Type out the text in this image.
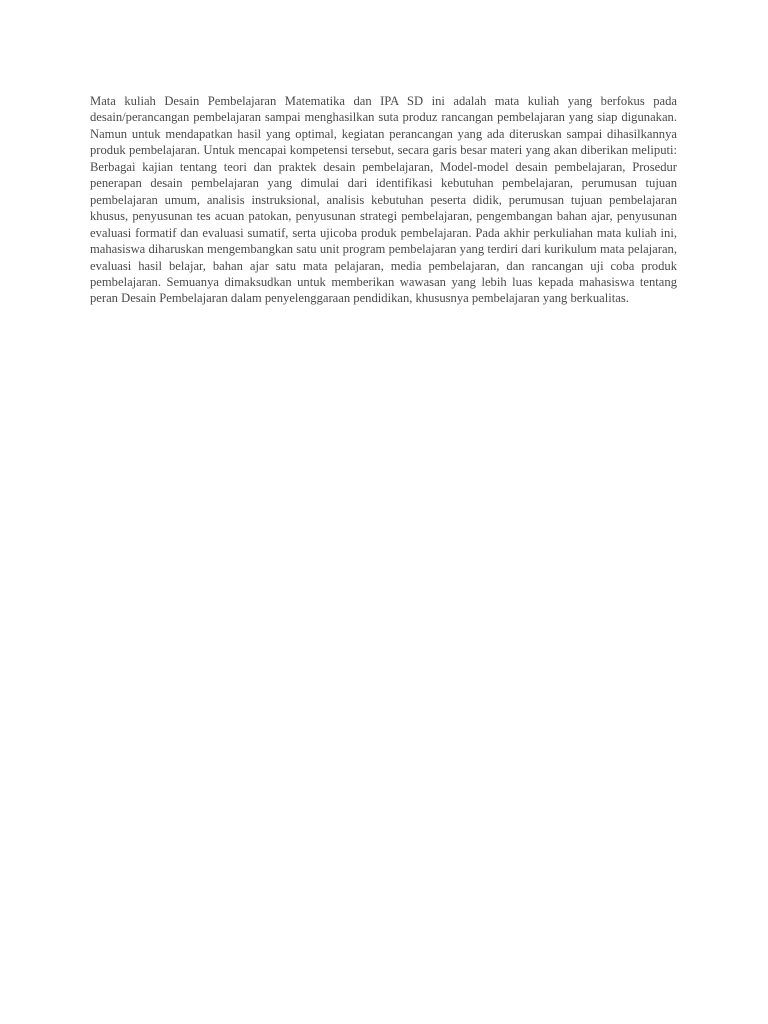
Mata kuliah Desain Pembelajaran Matematika dan IPA SD ini adalah mata kuliah yang berfokus pada desain/perancangan pembelajaran sampai menghasilkan suta produz rancangan pembelajaran yang siap digunakan. Namun untuk mendapatkan hasil yang optimal, kegiatan perancangan yang ada diteruskan sampai dihasilkannya produk pembelajaran. Untuk mencapai kompetensi tersebut, secara garis besar materi yang akan diberikan meliputi: Berbagai kajian tentang teori dan praktek desain pembelajaran, Model-model desain pembelajaran, Prosedur penerapan desain pembelajaran yang dimulai dari identifikasi kebutuhan pembelajaran, perumusan tujuan pembelajaran umum, analisis instruksional, analisis kebutuhan peserta didik, perumusan tujuan pembelajaran khusus, penyusunan tes acuan patokan, penyusunan strategi pembelajaran, pengembangan bahan ajar, penyusunan evaluasi formatif dan evaluasi sumatif, serta ujicoba produk pembelajaran. Pada akhir perkuliahan mata kuliah ini, mahasiswa diharuskan mengembangkan satu unit program pembelajaran yang terdiri dari kurikulum mata pelajaran, evaluasi hasil belajar, bahan ajar satu mata pelajaran, media pembelajaran, dan rancangan uji coba produk pembelajaran. Semuanya dimaksudkan untuk memberikan wawasan yang lebih luas kepada mahasiswa tentang peran Desain Pembelajaran dalam penyelenggaraan pendidikan, khususnya pembelajaran yang berkualitas.
